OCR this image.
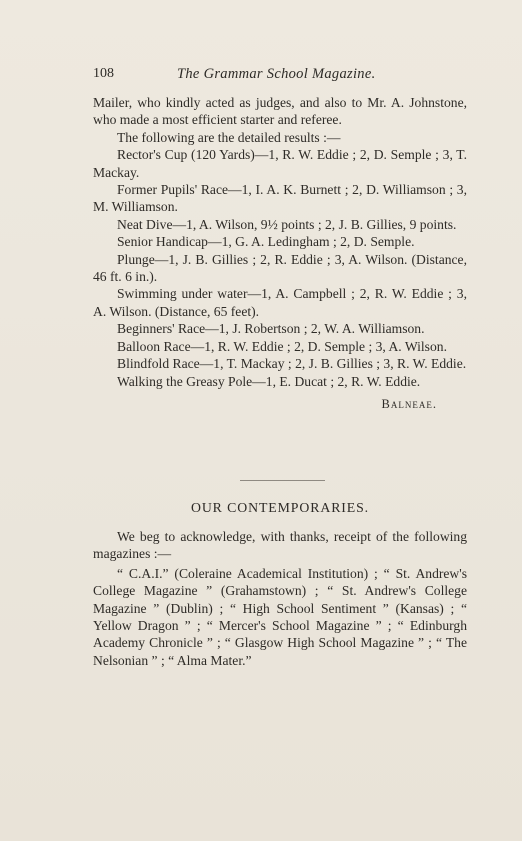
108	The Grammar School Magazine.

Mailer, who kindly acted as judges, and also to Mr. A. Johnstone, who made a most efficient starter and referee.

The following are the detailed results :—

Rector's Cup (120 Yards)—1, R. W. Eddie ; 2, D. Semple ; 3, T. Mackay.

Former Pupils' Race—1, I. A. K. Burnett ; 2, D. Williamson ; 3, M. Williamson.

Neat Dive—1, A. Wilson, 9½ points ; 2, J. B. Gillies, 9 points.

Senior Handicap—1, G. A. Ledingham ; 2, D. Semple.

Plunge—1, J. B. Gillies ; 2, R. Eddie ; 3, A. Wilson. (Distance, 46 ft. 6 in.).

Swimming under water—1, A. Campbell ; 2, R. W. Eddie ; 3, A. Wilson. (Distance, 65 feet).

Beginners' Race—1, J. Robertson ; 2, W. A. Williamson.

Balloon Race—1, R. W. Eddie ; 2, D. Semple ; 3, A. Wilson.

Blindfold Race—1, T. Mackay ; 2, J. B. Gillies ; 3, R. W. Eddie.

Walking the Greasy Pole—1, E. Ducat ; 2, R. W. Eddie.

Balneae.

OUR CONTEMPORARIES.

We beg to acknowledge, with thanks, receipt of the following magazines :—

“ C.A.I.” (Coleraine Academical Institution) ; “ St. Andrew's College Magazine ” (Grahamstown) ; “ St. Andrew's College Magazine ” (Dublin) ; “ High School Sentiment ” (Kansas) ; “ Yellow Dragon ” ; “ Mercer's School Magazine ” ; “ Edinburgh Academy Chronicle ” ; “ Glasgow High School Magazine ” ; “ The Nelsonian ” ; “ Alma Mater.”
